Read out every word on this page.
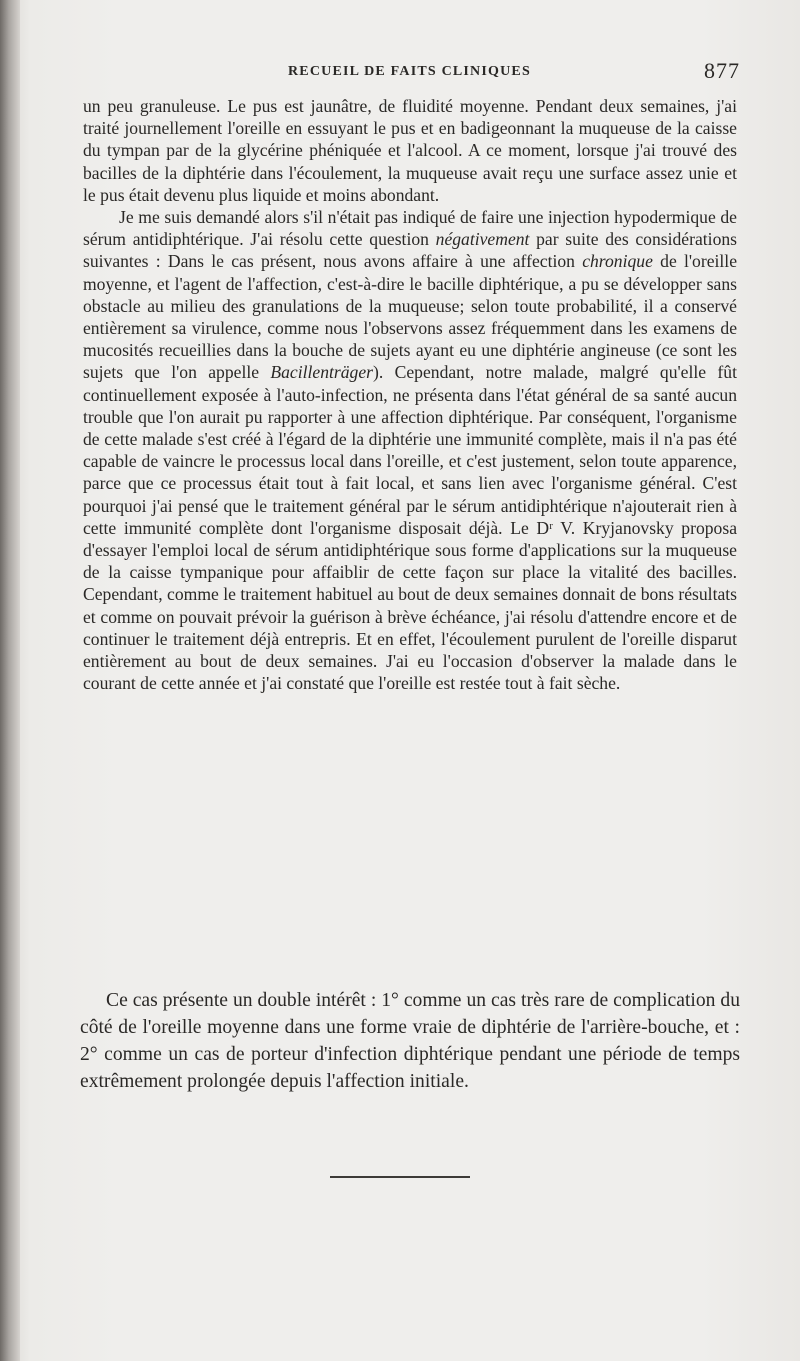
RECUEIL DE FAITS CLINIQUES	877

un peu granuleuse. Le pus est jaunâtre, de fluidité moyenne. Pendant deux semaines, j'ai traité journellement l'oreille en essuyant le pus et en badigeonnant la muqueuse de la caisse du tympan par de la glycérine phéniquée et l'alcool. A ce moment, lorsque j'ai trouvé des bacilles de la diphtérie dans l'écoulement, la muqueuse avait reçu une surface assez unie et le pus était devenu plus liquide et moins abondant.

Je me suis demandé alors s'il n'était pas indiqué de faire une injection hypodermique de sérum antidiphtérique. J'ai résolu cette question négativement par suite des considérations suivantes : Dans le cas présent, nous avons affaire à une affection chronique de l'oreille moyenne, et l'agent de l'affection, c'est-à-dire le bacille diphtérique, a pu se développer sans obstacle au milieu des granulations de la muqueuse; selon toute probabilité, il a conservé entièrement sa virulence, comme nous l'observons assez fréquemment dans les examens de mucosités recueillies dans la bouche de sujets ayant eu une diphtérie angineuse (ce sont les sujets que l'on appelle Bacillenträger). Cependant, notre malade, malgré qu'elle fût continuellement exposée à l'auto-infection, ne présenta dans l'état général de sa santé aucun trouble que l'on aurait pu rapporter à une affection diphtérique. Par conséquent, l'organisme de cette malade s'est créé à l'égard de la diphtérie une immunité complète, mais il n'a pas été capable de vaincre le processus local dans l'oreille, et c'est justement, selon toute apparence, parce que ce processus était tout à fait local, et sans lien avec l'organisme général. C'est pourquoi j'ai pensé que le traitement général par le sérum antidiphtérique n'ajouterait rien à cette immunité complète dont l'organisme disposait déjà. Le Dʳ V. Kryjanovsky proposa d'essayer l'emploi local de sérum antidiphtérique sous forme d'applications sur la muqueuse de la caisse tympanique pour affaiblir de cette façon sur place la vitalité des bacilles. Cependant, comme le traitement habituel au bout de deux semaines donnait de bons résultats et comme on pouvait prévoir la guérison à brève échéance, j'ai résolu d'attendre encore et de continuer le traitement déjà entrepris. Et en effet, l'écoulement purulent de l'oreille disparut entièrement au bout de deux semaines. J'ai eu l'occasion d'observer la malade dans le courant de cette année et j'ai constaté que l'oreille est restée tout à fait sèche.

Ce cas présente un double intérêt : 1° comme un cas très rare de complication du côté de l'oreille moyenne dans une forme vraie de diphtérie de l'arrière-bouche, et : 2° comme un cas de porteur d'infection diphtérique pendant une période de temps extrêmement prolongée depuis l'affection initiale.
